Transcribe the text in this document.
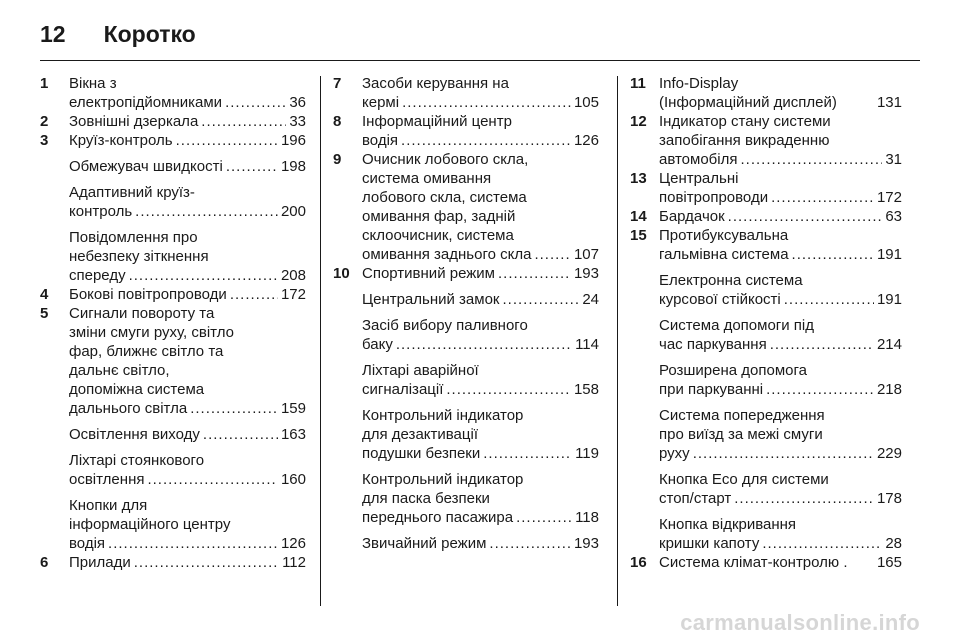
12 Коротко
1 Вікна з
електропідйомниками .....	36
2 Зовнішні дзеркала .....	33
3 Круїз-контроль .....	196
Обмежувач швидкості .....	198
Адаптивний круїз-
контроль .....	200
Повідомлення про
небезпеку зіткнення
спереду .....	208
4 Бокові повітропроводи .....	172
5 Сигнали повороту та
зміни смуги руху, світло
фар, ближнє світло та
дальнє світло,
допоміжна система
дальнього світла .....	159
Освітлення виходу .....	163
Ліхтарі стоянкового
освітлення .....	160
Кнопки для
інформаційного центру
водія .....	126
6 Прилади .....	112
7 Засоби керування на
кермі .....	105
8 Інформаційний центр
водія .....	126
9 Очисник лобового скла,
система омивання
лобового скла, система
омивання фар, задній
склоочисник, система
омивання заднього скла .....	107
10 Спортивний режим .....	193
Центральний замок .....	24
Засіб вибору паливного
баку .....	114
Ліхтарі аварійної
сигналізації .....	158
Контрольний індикатор
для дезактивації
подушки безпеки .....	119
Контрольний індикатор
для паска безпеки
переднього пасажира .....	118
Звичайний режим .....	193
11 Info-Display
(Інформаційний дисплей)	131
12 Індикатор стану системи
запобігання викраденню
автомобіля .....	31
13 Центральні
повітропроводи .....	172
14 Бардачок .....	63
15 Протибуксувальна
гальмівна система .....	191
Електронна система
курсової стійкості .....	191
Система допомоги під
час паркування .....	214
Розширена допомога
при паркуванні .....	218
Система попередження
про виїзд за межі смуги
руху .....	229
Кнопка Eco для системи
стоп/старт .....	178
Кнопка відкривання
кришки капоту .....	28
16 Система клімат-контролю . 165
carmanualsonline.info
